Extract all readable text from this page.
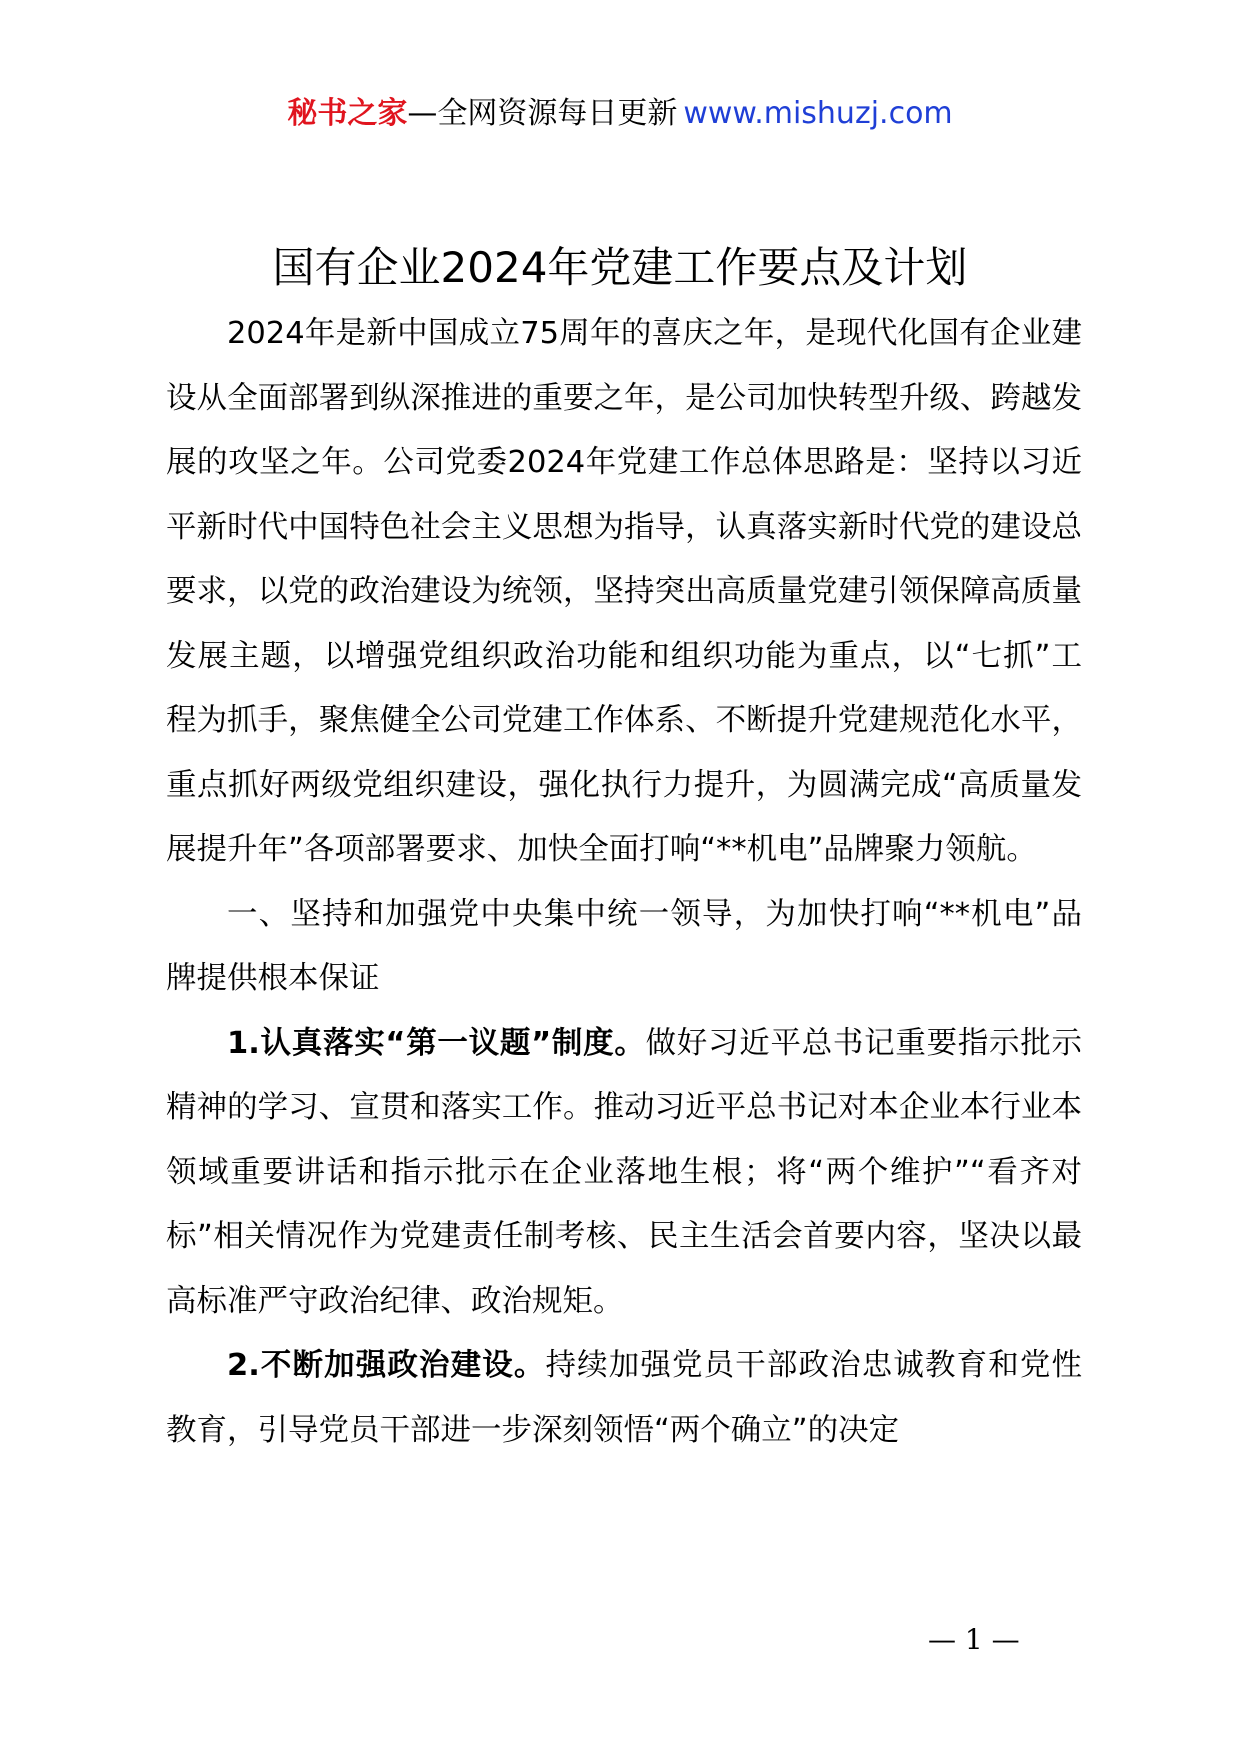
秘书之家—全网资源每日更新 www.mishuzj.com
国有企业2024年党建工作要点及计划

2024年是新中国成立75周年的喜庆之年，是现代化国有企业建设从全面部署到纵深推进的重要之年，是公司加快转型升级、跨越发展的攻坚之年。公司党委2024年党建工作总体思路是：坚持以习近平新时代中国特色社会主义思想为指导，认真落实新时代党的建设总要求，以党的政治建设为统领，坚持突出高质量党建引领保障高质量发展主题，以增强党组织政治功能和组织功能为重点，以“七抓”工程为抓手，聚焦健全公司党建工作体系、不断提升党建规范化水平，重点抓好两级党组织建设，强化执行力提升，为圆满完成“高质量发展提升年”各项部署要求、加快全面打响“**机电”品牌聚力领航。

一、坚持和加强党中央集中统一领导，为加快打响“**机电”品牌提供根本保证

1.认真落实“第一议题”制度。做好习近平总书记重要指示批示精神的学习、宣贯和落实工作。推动习近平总书记对本企业本行业本领域重要讲话和指示批示在企业落地生根；将“两个维护”“看齐对标”相关情况作为党建责任制考核、民主生活会首要内容，坚决以最高标准严守政治纪律、政治规矩。

2.不断加强政治建设。持续加强党员干部政治忠诚教育和党性教育，引导党员干部进一步深刻领悟“两个确立”的决定

— 1 —
